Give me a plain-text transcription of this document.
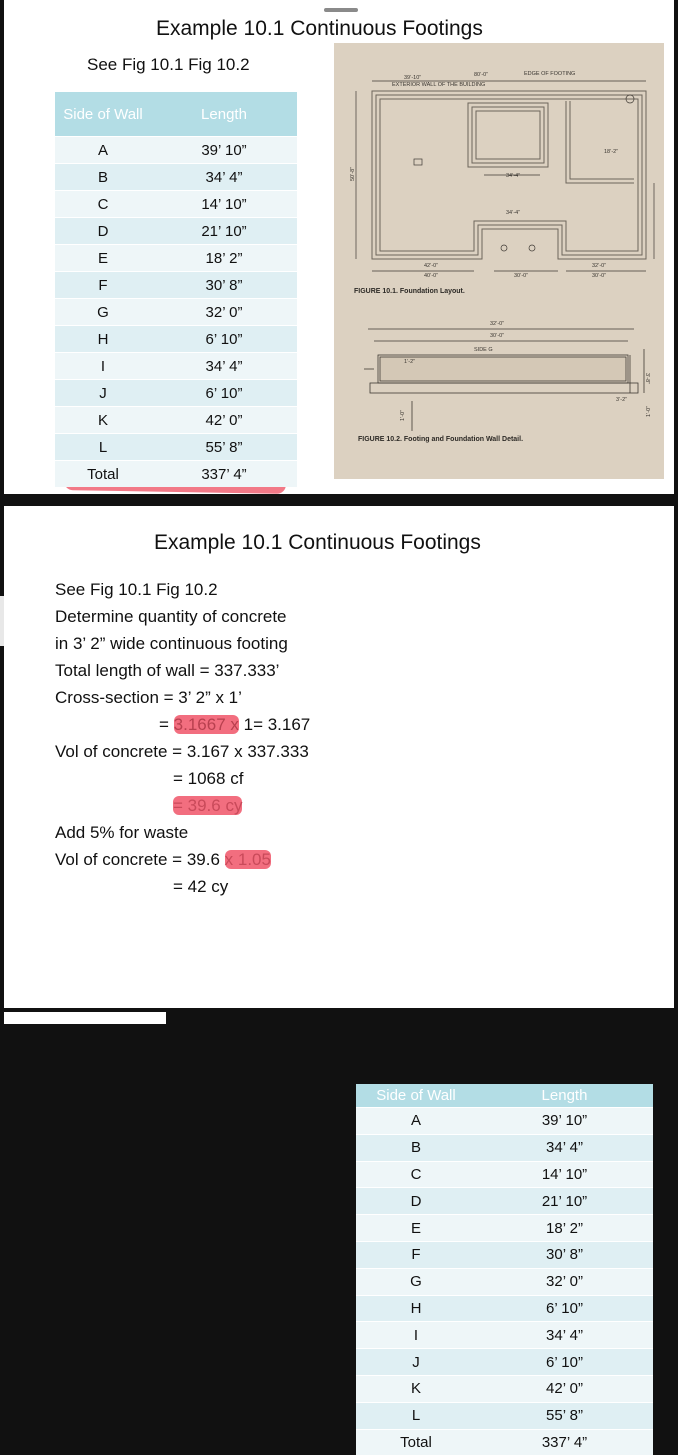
Example 10.1 Continuous Footings
See Fig 10.1 Fig 10.2
Side of Wall	Length
A	39’ 10”
B	34’ 4”
C	14’ 10”
D	21’ 10”
E	18’ 2”
F	30’ 8”
G	32’ 0”
H	6’ 10”
I	34’ 4”
J	6’ 10”
K	42’ 0”
L	55’ 8”
Total	337’ 4”
EXTERIOR WALL OF THE BUILDING
EDGE OF FOOTING
80’-0”
39’-10”
34’-4”
34’-4”
42’-0”
40’-0”	30’-0”
32’-0”
30’-0”
50’-8”
18’-2”
FIGURE 10.1. Foundation Layout.
32’-0”
30’-0”
SIDE G
1’-2”
1’-0”
3’-8”
3’-2”
1’-0”
FIGURE 10.2. Footing and Foundation Wall Detail.
Example 10.1 Continuous Footings
See Fig 10.1 Fig 10.2
Determine quantity of concrete
in 3’ 2” wide continuous footing
Total length of wall = 337.333’
Cross-section = 3’ 2” x 1’
= 3.1667 x 1= 3.167
Vol of concrete = 3.167 x 337.333
= 1068 cf
= 39.6 cy
Add 5% for waste
Vol of concrete = 39.6 x 1.05
= 42 cy
Side of Wall	Length
A	39’ 10”
B	34’ 4”
C	14’ 10”
D	21’ 10”
E	18’ 2”
F	30’ 8”
G	32’ 0”
H	6’ 10”
I	34’ 4”
J	6’ 10”
K	42’ 0”
L	55’ 8”
Total	337’ 4”
